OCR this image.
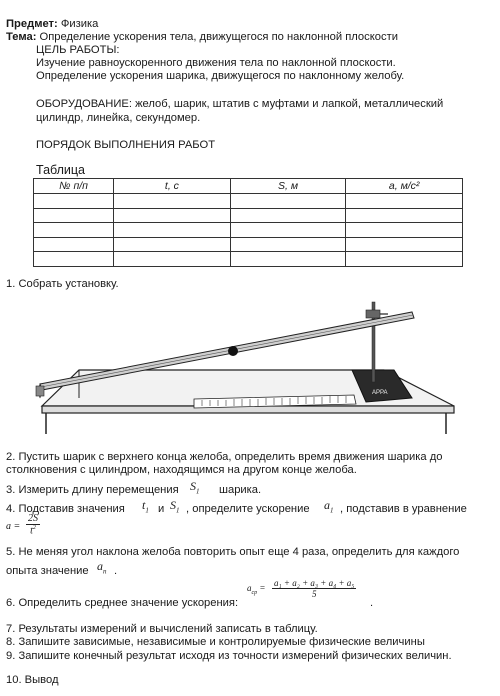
Предмет: Физика
Тема: Определение ускорения тела, движущегося по наклонной плоскости
ЦЕЛЬ РАБОТЫ:
Изучение равноускоренного движения тела по наклонной плоскости.
Определение ускорения шарика, движущегося по наклонному желобу.
ОБОРУДОВАНИЕ: желоб, шарик, штатив с муфтами и лапкой, металлический
цилиндр, линейка, секундомер.
ПОРЯДОК ВЫПОЛНЕНИЯ РАБОТ
Таблица
№ п/п	t, c	S, м	a, м/с²

1. Собрать установку.
APPA
2. Пустить шарик с верхнего конца желоба, определить время движения шарика до
столкновения с цилиндром, находящимся на другом конце желоба.
3. Измерить длину перемещения $S_1$ шарика.
4. Подставив значения $t_1$ и $S_1$ , определите ускорение $a_1$ , подставив в уравнение
$a = \frac{2S}{t^2}$
5. Не меняя угол наклона желоба повторить опыт еще 4 раза, определить для каждого
опыта значение $a_n$ .
6. Определить среднее значение ускорения:
$a_{ср} = \frac{\text{a₁ + a₂ + a₃ + a₄ + a₅}}{5}$
.
7. Результаты измерений и вычислений записать в таблицу.
8. Запишите зависимые, независимые и контролируемые физические величины
9. Запишите конечный результат исходя из точности измерений физических величин.
10. Вывод
